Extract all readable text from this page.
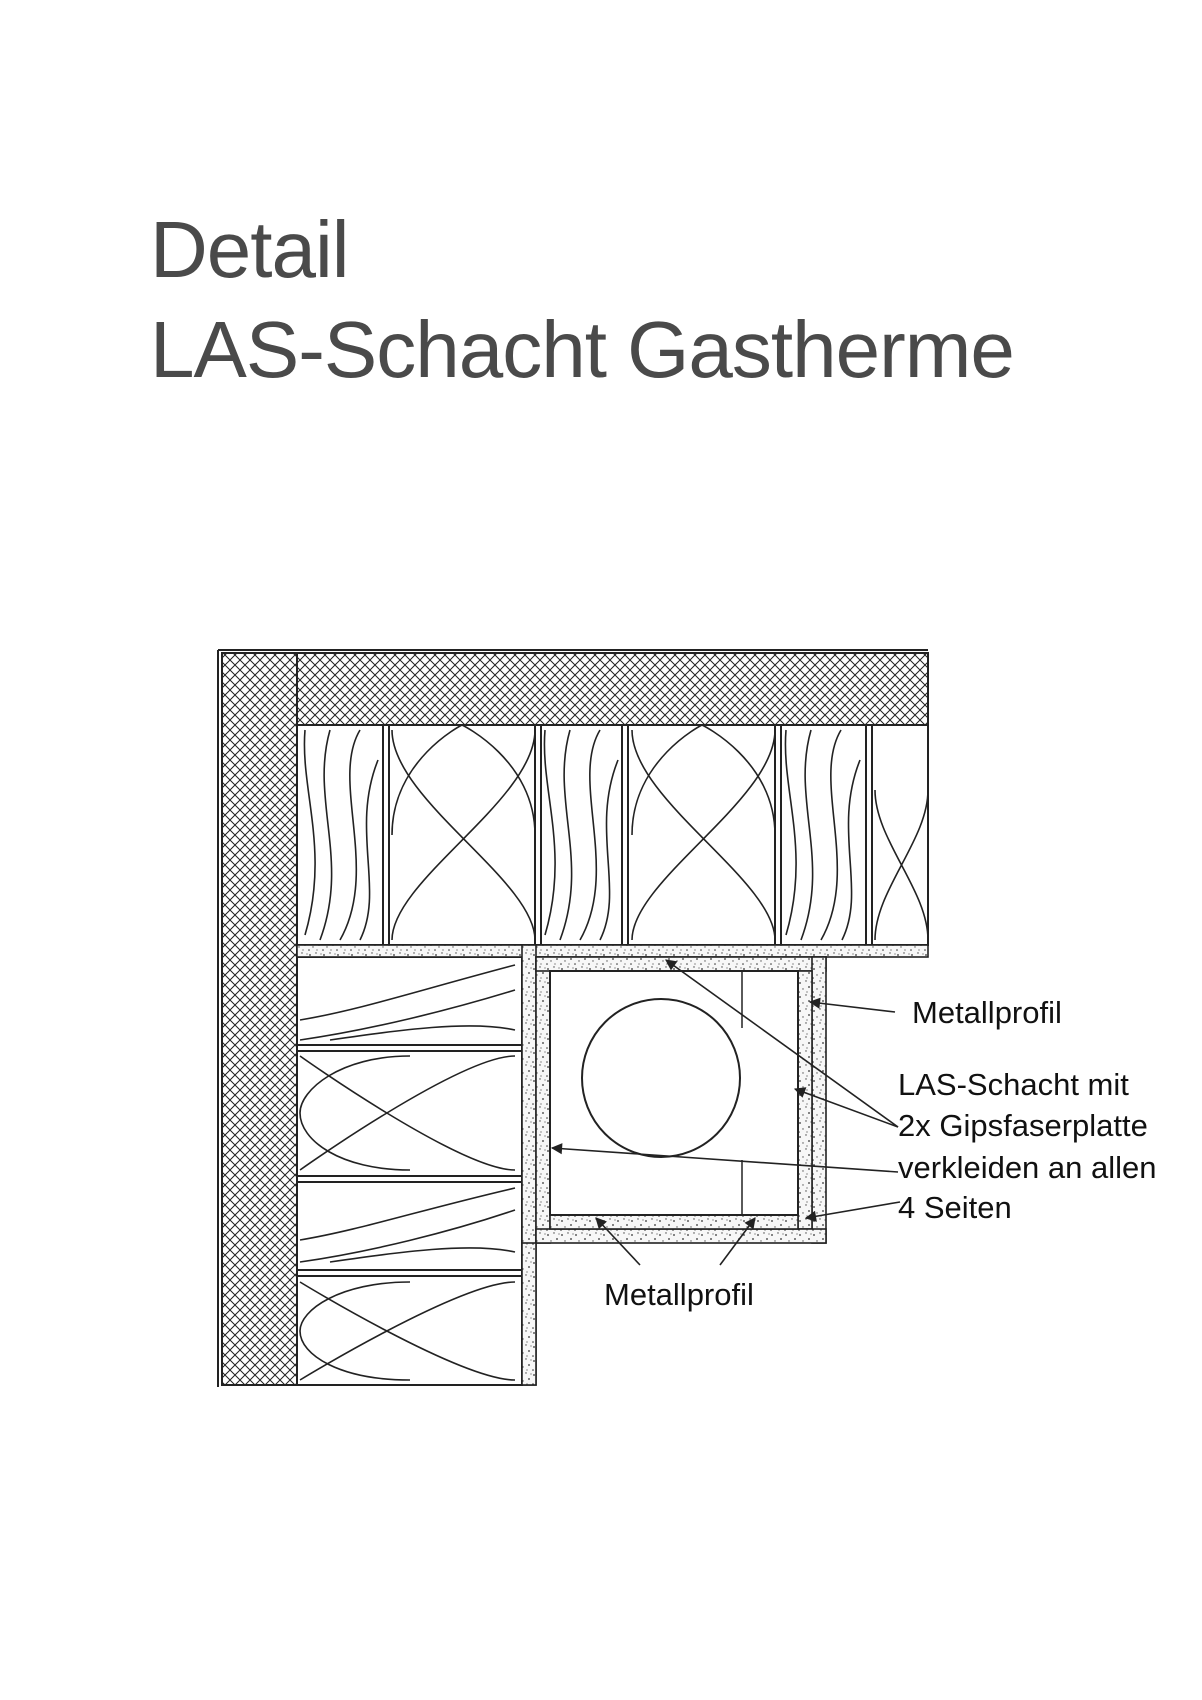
Detail
LAS-Schacht Gastherme
Metallprofil
LAS-Schacht mit
2x Gipsfaserplatte
verkleiden an allen
4 Seiten
Metallprofil
